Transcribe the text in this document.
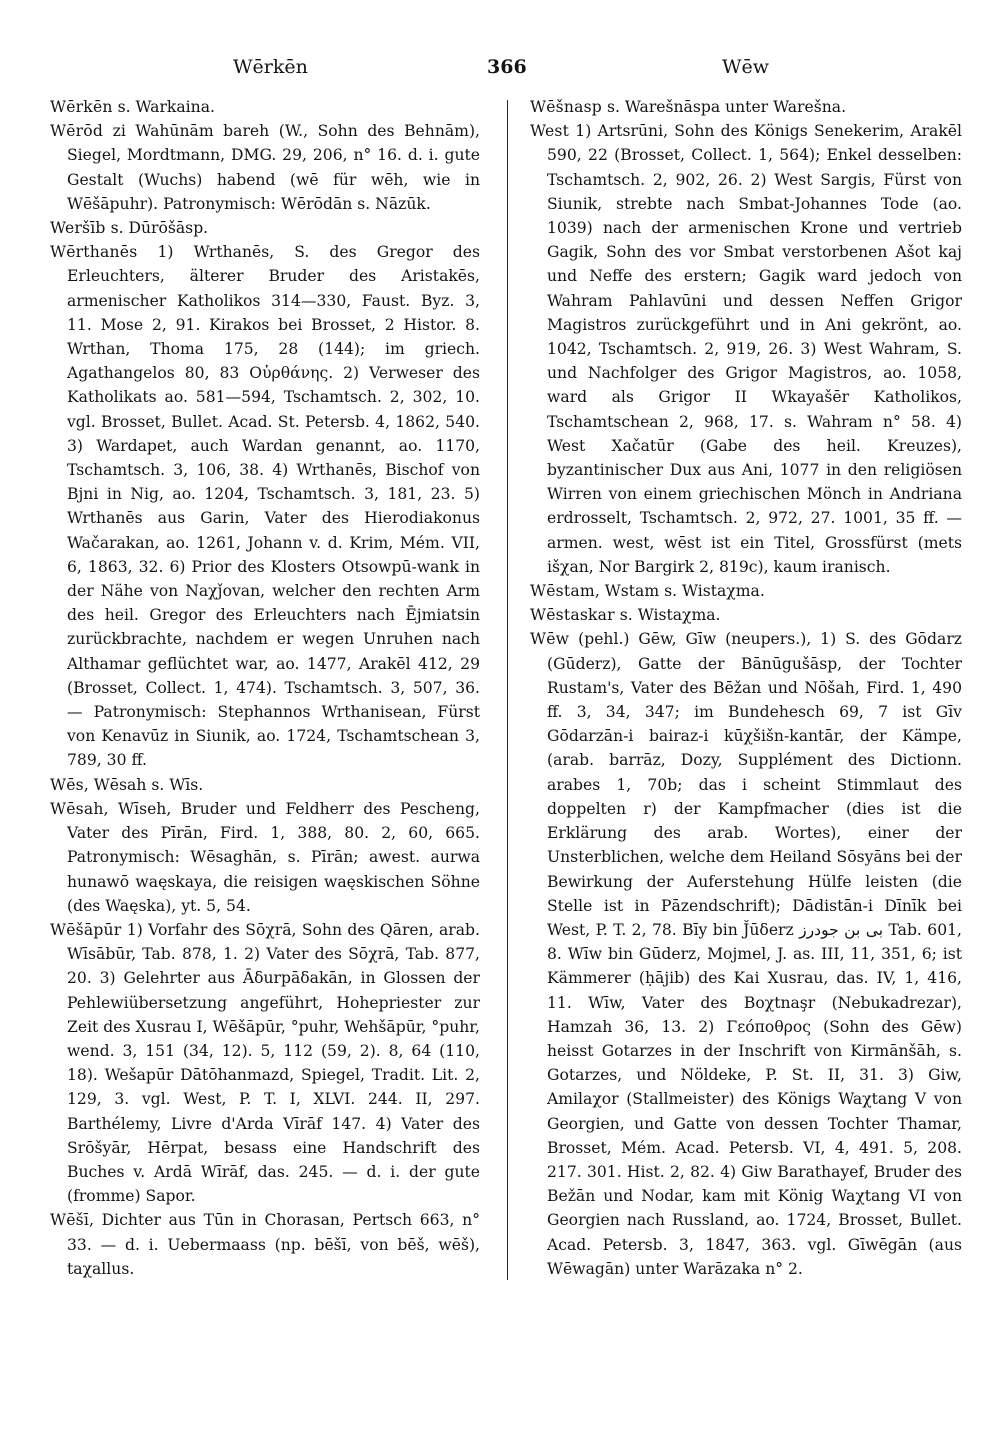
Wērkēn	366	Wēw

Wērkēn s. Warkaina.

Wērōd zi Wahūnām bareh (W., Sohn des Behnām), Siegel, Mordtmann, DMG. 29, 206, n° 16. d. i. gute Gestalt (Wuchs) habend (wē für wēh, wie in Wēšāpuhr). Patronymisch: Wērōdān s. Nāzūk.

Weršīb s. Dūrōšāsp.

Wērthanēs 1) Wrthanēs, S. des Gregor des Erleuchters, älterer Bruder des Aristakēs, armenischer Katholikos 314—330, Faust. Byz. 3, 11. Mose 2, 91. Kirakos bei Brosset, 2 Histor. 8. Wrthan, Thoma 175, 28 (144); im griech. Agathangelos 80, 83 Οὐρθάνης. 2) Verweser des Katholikats ao. 581—594, Tschamtsch. 2, 302, 10. vgl. Brosset, Bullet. Acad. St. Petersb. 4, 1862, 540. 3) Wardapet, auch Wardan genannt, ao. 1170, Tschamtsch. 3, 106, 38. 4) Wrthanēs, Bischof von Bjni in Nig, ao. 1204, Tschamtsch. 3, 181, 23. 5) Wrthanēs aus Garin, Vater des Hierodiakonus Wačarakan, ao. 1261, Johann v. d. Krim, Mém. VII, 6, 1863, 32. 6) Prior des Klosters Otsowpū-wank in der Nähe von Naχǰovan, welcher den rechten Arm des heil. Gregor des Erleuchters nach Ējmiatsin zurückbrachte, nachdem er wegen Unruhen nach Althamar geflüchtet war, ao. 1477, Arakēl 412, 29 (Brosset, Collect. 1, 474). Tschamtsch. 3, 507, 36. — Patronymisch: Stephannos Wrthanisean, Fürst von Kenavūz in Siunik, ao. 1724, Tschamtschean 3, 789, 30 ff.

Wēs, Wēsah s. Wīs.

Wēsah, Wīseh, Bruder und Feldherr des Pescheng, Vater des Pīrān, Fird. 1, 388, 80. 2, 60, 665. Patronymisch: Wēsaghān, s. Pīrān; awest. aurwa hunawō waęskaya, die reisigen waęskischen Söhne (des Waęska), yt. 5, 54.

Wēšāpūr 1) Vorfahr des Sōχrā, Sohn des Qāren, arab. Wīsābūr, Tab. 878, 1. 2) Vater des Sōχrā, Tab. 877, 20. 3) Gelehrter aus Āδurpāδakān, in Glossen der Pehlewiübersetzung angeführt, Hohepriester zur Zeit des Xusrau I, Wēšāpūr, °puhr, Wehšāpūr, °puhr, wend. 3, 151 (34, 12). 5, 112 (59, 2). 8, 64 (110, 18). Wešapūr Dātōhanmazd, Spiegel, Tradit. Lit. 2, 129, 3. vgl. West, P. T. I, XLVI. 244. II, 297. Barthélemy, Livre d'Arda Vīrāf 147. 4) Vater des Srōšyār, Hērpat, besass eine Handschrift des Buches v. Ardā Wīrāf, das. 245. — d. i. der gute (fromme) Sapor.

Wēšī, Dichter aus Tūn in Chorasan, Pertsch 663, n° 33. — d. i. Uebermaass (np. bēšī, von bēš, wēš), taχallus.

Wēšnasp s. Warešnāspa unter Warešna.

West 1) Artsrūni, Sohn des Königs Senekerim, Arakēl 590, 22 (Brosset, Collect. 1, 564); Enkel desselben: Tschamtsch. 2, 902, 26. 2) West Sargis, Fürst von Siunik, strebte nach Smbat-Johannes Tode (ao. 1039) nach der armenischen Krone und vertrieb Gagik, Sohn des vor Smbat verstorbenen Ašot kaj und Neffe des erstern; Gagik ward jedoch von Wahram Pahlavūni und dessen Neffen Grigor Magistros zurückgeführt und in Ani gekrönt, ao. 1042, Tschamtsch. 2, 919, 26. 3) West Wahram, S. und Nachfolger des Grigor Magistros, ao. 1058, ward als Grigor II Wkayašēr Katholikos, Tschamtschean 2, 968, 17. s. Wahram n° 58. 4) West Xačatūr (Gabe des heil. Kreuzes), byzantinischer Dux aus Ani, 1077 in den religiösen Wirren von einem griechischen Mönch in Andriana erdrosselt, Tschamtsch. 2, 972, 27. 1001, 35 ff. — armen. west, wēst ist ein Titel, Grossfürst (mets išχan, Nor Bargirk 2, 819c), kaum iranisch.

Wēstam, Wstam s. Wistaχma.

Wēstaskar s. Wistaχma.

Wēw (pehl.) Gēw, Gīw (neupers.), 1) S. des Gōdarz (Gūderz), Gatte der Bānūgušāsp, der Tochter Rustam's, Vater des Bēžan und Nōšah, Fird. 1, 490 ff. 3, 34, 347; im Bundehesch 69, 7 ist Gīv Gōdarzān-i bairaz-i kūχšišn-kantār, der Kämpe, (arab. barrāz, Dozy, Supplément des Dictionn. arabes 1, 70b; das i scheint Stimmlaut des doppelten r) der Kampfmacher (dies ist die Erklärung des arab. Wortes), einer der Unsterblichen, welche dem Heiland Sōsyāns bei der Bewirkung der Auferstehung Hülfe leisten (die Stelle ist in Pāzendschrift); Dādistān-i Dīnīk bei West, P. T. 2, 78. Bīy bin J̌ūδerz بی بن جودرز Tab. 601, 8. Wīw bin Gūderz, Mojmel, J. as. III, 11, 351, 6; ist Kämmerer (ḥājib) des Kai Xusrau, das. IV, 1, 416, 11. Wīw, Vater des Boχtnaşr (Nebukadrezar), Hamzah 36, 13. 2) Γεόποθρος (Sohn des Gēw) heisst Gotarzes in der Inschrift von Kirmānšāh, s. Gotarzes, und Nöldeke, P. St. II, 31. 3) Giw, Amilaχor (Stallmeister) des Königs Waχtang V von Georgien, und Gatte von dessen Tochter Thamar, Brosset, Mém. Acad. Petersb. VI, 4, 491. 5, 208. 217. 301. Hist. 2, 82. 4) Giw Barathayef, Bruder des Bežān und Nodar, kam mit König Waχtang VI von Georgien nach Russland, ao. 1724, Brosset, Bullet. Acad. Petersb. 3, 1847, 363. vgl. Gīwēgān (aus Wēwagān) unter Warāzaka n° 2.
